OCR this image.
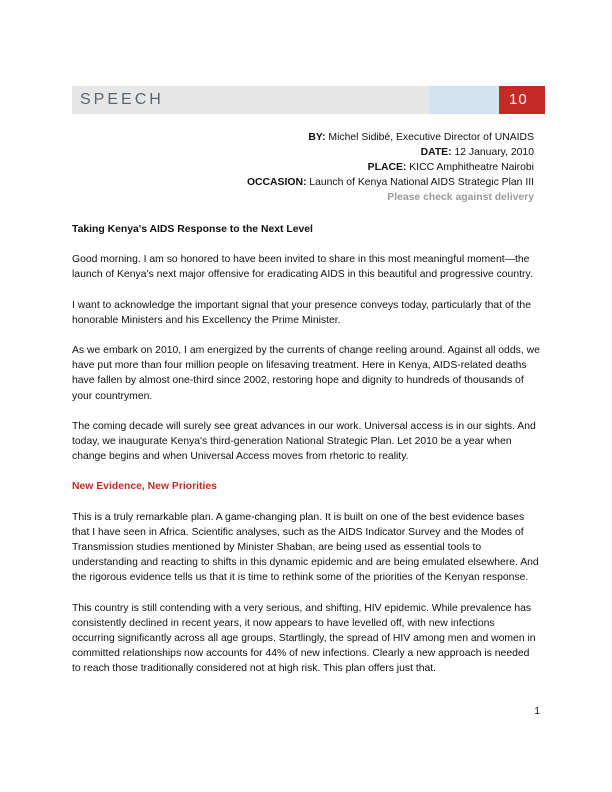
SPEECH	10
BY: Michel Sidibé, Executive Director of UNAIDS
DATE: 12 January, 2010
PLACE: KICC Amphitheatre Nairobi
OCCASION: Launch of Kenya National AIDS Strategic Plan III
Please check against delivery
Taking Kenya's AIDS Response to the Next Level

Good morning. I am so honored to have been invited to share in this most meaningful moment—the launch of Kenya's next major offensive for eradicating AIDS in this beautiful and progressive country.

I want to acknowledge the important signal that your presence conveys today, particularly that of the honorable Ministers and his Excellency the Prime Minister.

As we embark on 2010, I am energized by the currents of change reeling around. Against all odds, we have put more than four million people on lifesaving treatment. Here in Kenya, AIDS-related deaths have fallen by almost one-third since 2002, restoring hope and dignity to hundreds of thousands of your countrymen.

The coming decade will surely see great advances in our work. Universal access is in our sights. And today, we inaugurate Kenya's third-generation National Strategic Plan. Let 2010 be a year when change begins and when Universal Access moves from rhetoric to reality.

New Evidence, New Priorities

This is a truly remarkable plan. A game-changing plan. It is built on one of the best evidence bases that I have seen in Africa. Scientific analyses, such as the AIDS Indicator Survey and the Modes of Transmission studies mentioned by Minister Shaban, are being used as essential tools to understanding and reacting to shifts in this dynamic epidemic and are being emulated elsewhere. And the rigorous evidence tells us that it is time to rethink some of the priorities of the Kenyan response.

This country is still contending with a very serious, and shifting, HIV epidemic. While prevalence has consistently declined in recent years, it now appears to have levelled off, with new infections occurring significantly across all age groups. Startlingly, the spread of HIV among men and women in committed relationships now accounts for 44% of new infections. Clearly a new approach is needed to reach those traditionally considered not at high risk. This plan offers just that.

1
